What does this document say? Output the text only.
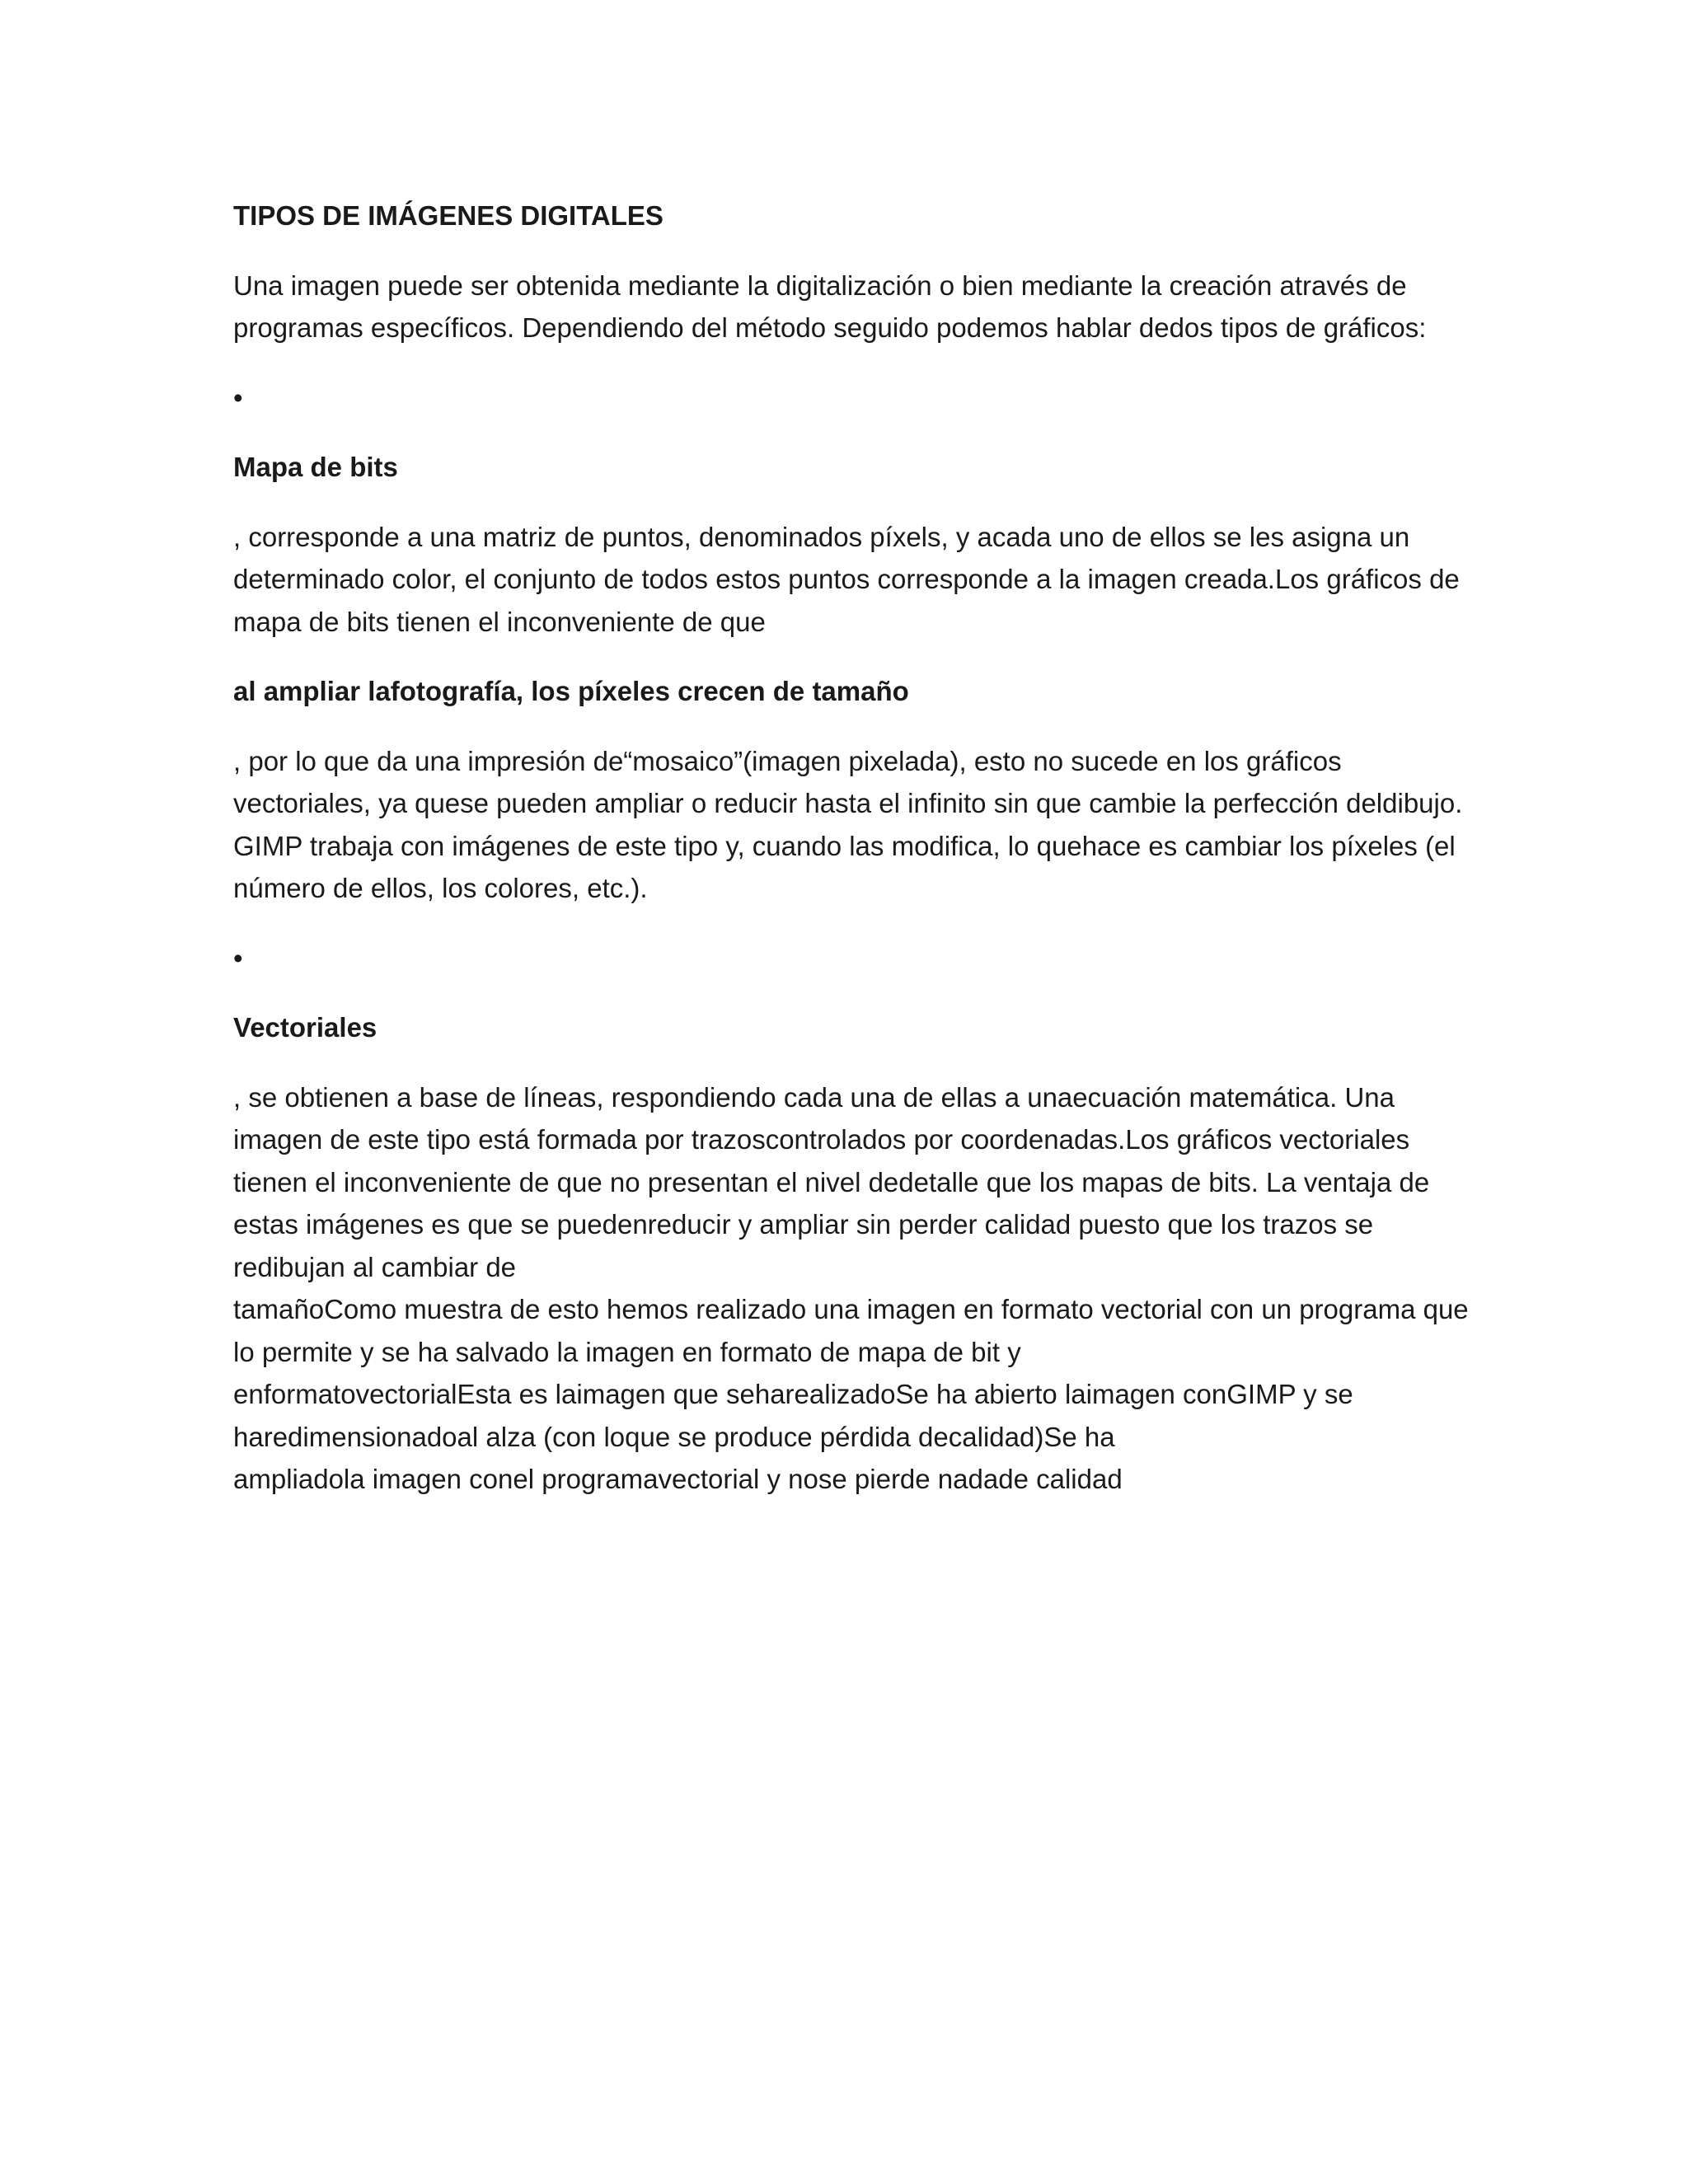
TIPOS DE IMÁGENES DIGITALES

Una imagen puede ser obtenida mediante la digitalización o bien mediante la creación através de programas específicos. Dependiendo del método seguido podemos hablar dedos tipos de gráficos:

•

Mapa de bits

, corresponde a una matriz de puntos, denominados píxels, y acada uno de ellos se les asigna un determinado color, el conjunto de todos estos puntos corresponde a la imagen creada.Los gráficos de mapa de bits tienen el inconveniente de que

al ampliar lafotografía, los píxeles crecen de tamaño

, por lo que da una impresión de“mosaico”(imagen pixelada), esto no sucede en los gráficos vectoriales, ya quese pueden ampliar o reducir hasta el infinito sin que cambie la perfección deldibujo. GIMP trabaja con imágenes de este tipo y, cuando las modifica, lo quehace es cambiar los píxeles (el número de ellos, los colores, etc.).

•

Vectoriales

, se obtienen a base de líneas, respondiendo cada una de ellas a unaecuación matemática. Una imagen de este tipo está formada por trazoscontrolados por coordenadas.Los gráficos vectoriales tienen el inconveniente de que no presentan el nivel dedetalle que los mapas de bits. La ventaja de estas imágenes es que se puedenreducir y ampliar sin perder calidad puesto que los trazos se redibujan al cambiar de
tamañoComo muestra de esto hemos realizado una imagen en formato vectorial con un programa que lo permite y se ha salvado la imagen en formato de mapa de bit y
enformatovectorialEsta es laimagen que seharealizadoSe ha abierto laimagen conGIMP y se haredimensionadoal alza (con loque se produce pérdida decalidad)Se ha
ampliadola imagen conel programavectorial y nose pierde nadade calidad
